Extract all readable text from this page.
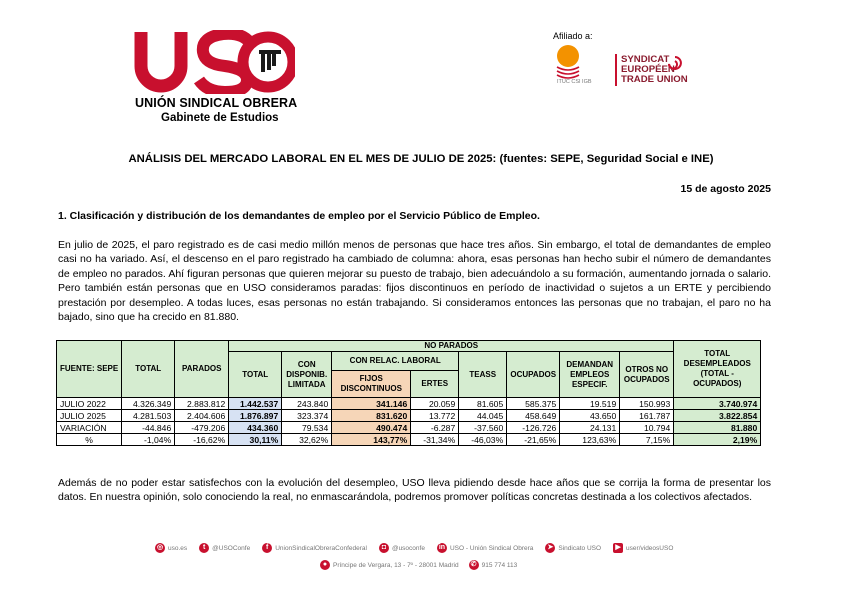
UNIÓN SINDICAL OBRERA
Gabinete de Estudios
Afiliado a:
ITUC CSI IGB
SYNDICAT
EUROPÉEN
TRADE UNION
ANÁLISIS DEL MERCADO LABORAL EN EL MES DE JULIO DE 2025: (fuentes: SEPE, Seguridad Social e INE)
15 de agosto 2025
1. Clasificación y distribución de los demandantes de empleo por el Servicio Público de Empleo.
En julio de 2025, el paro registrado es de casi medio millón menos de personas que hace tres años. Sin embargo, el total de demandantes de empleo casi no ha variado. Así, el descenso en el paro registrado ha cambiado de columna: ahora, esas personas han hecho subir el número de demandantes de empleo no parados. Ahí figuran personas que quieren mejorar su puesto de trabajo, bien adecuándolo a su formación, aumentando jornada o salario. Pero también están personas que en USO consideramos paradas: fijos discontinuos en período de inactividad o sujetos a un ERTE y percibiendo prestación por desempleo. A todas luces, esas personas no están trabajando. Si consideramos entonces las personas que no trabajan, el paro no ha bajado, sino que ha crecido en 81.880.
FUENTE: SEPE	TOTAL	PARADOS	NO PARADOS								TOTAL DESEMPLEADOS (TOTAL -OCUPADOS)
			TOTAL	CON DISPONIB. LIMITADA	CON RELAC. LABORAL		TEASS	OCUPADOS	DEMANDAN EMPLEOS ESPECIF.	OTROS NO OCUPADOS	
					FIJOS DISCONTINUOS	ERTES					
JULIO 2022	4.326.349	2.883.812	1.442.537	243.840	341.146	20.059	81.605	585.375	19.519	150.993	3.740.974
JULIO 2025	4.281.503	2.404.606	1.876.897	323.374	831.620	13.772	44.045	458.649	43.650	161.787	3.822.854
VARIACIÓN	-44.846	-479.206	434.360	79.534	490.474	-6.287	-37.560	-126.726	24.131	10.794	81.880
%	-1,04%	-16,62%	30,11%	32,62%	143,77%	-31,34%	-46,03%	-21,65%	123,63%	7,15%	2,19%
Además de no poder estar satisfechos con la evolución del desempleo, USO lleva pidiendo desde hace años que se corrija la forma de presentar los datos. En nuestra opinión, solo conociendo la real, no enmascarándola, podremos promover políticas concretas destinada a los colectivos afectados.
◎ uso.es	t	@USOConfe	f	UnionSindicalObreraConfederal	◘ @usoconfe in USO - Unión Sindical Obrera ➤ Sindicato USO	▶ user/videosUSO
● Príncipe de Vergara, 13 - 7º - 28001 Madrid ✆ 915 774 113
